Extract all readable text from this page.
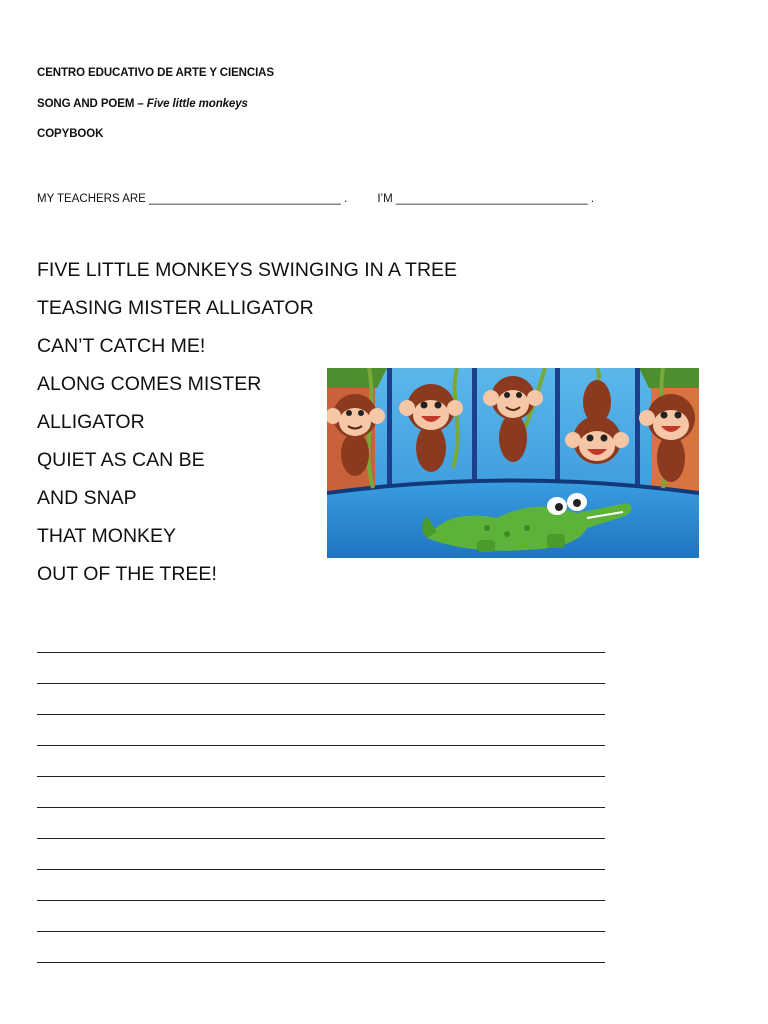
CENTRO EDUCATIVO DE ARTE Y CIENCIAS
SONG AND POEM – Five little monkeys
COPYBOOK
MY TEACHERS ARE ______________________________ .	I’M ______________________________ .
FIVE LITTLE MONKEYS SWINGING IN A TREE
TEASING MISTER ALLIGATOR
CAN’T CATCH ME!
ALONG COMES MISTER
ALLIGATOR
QUIET AS CAN BE
AND SNAP
THAT MONKEY
OUT OF THE TREE!
